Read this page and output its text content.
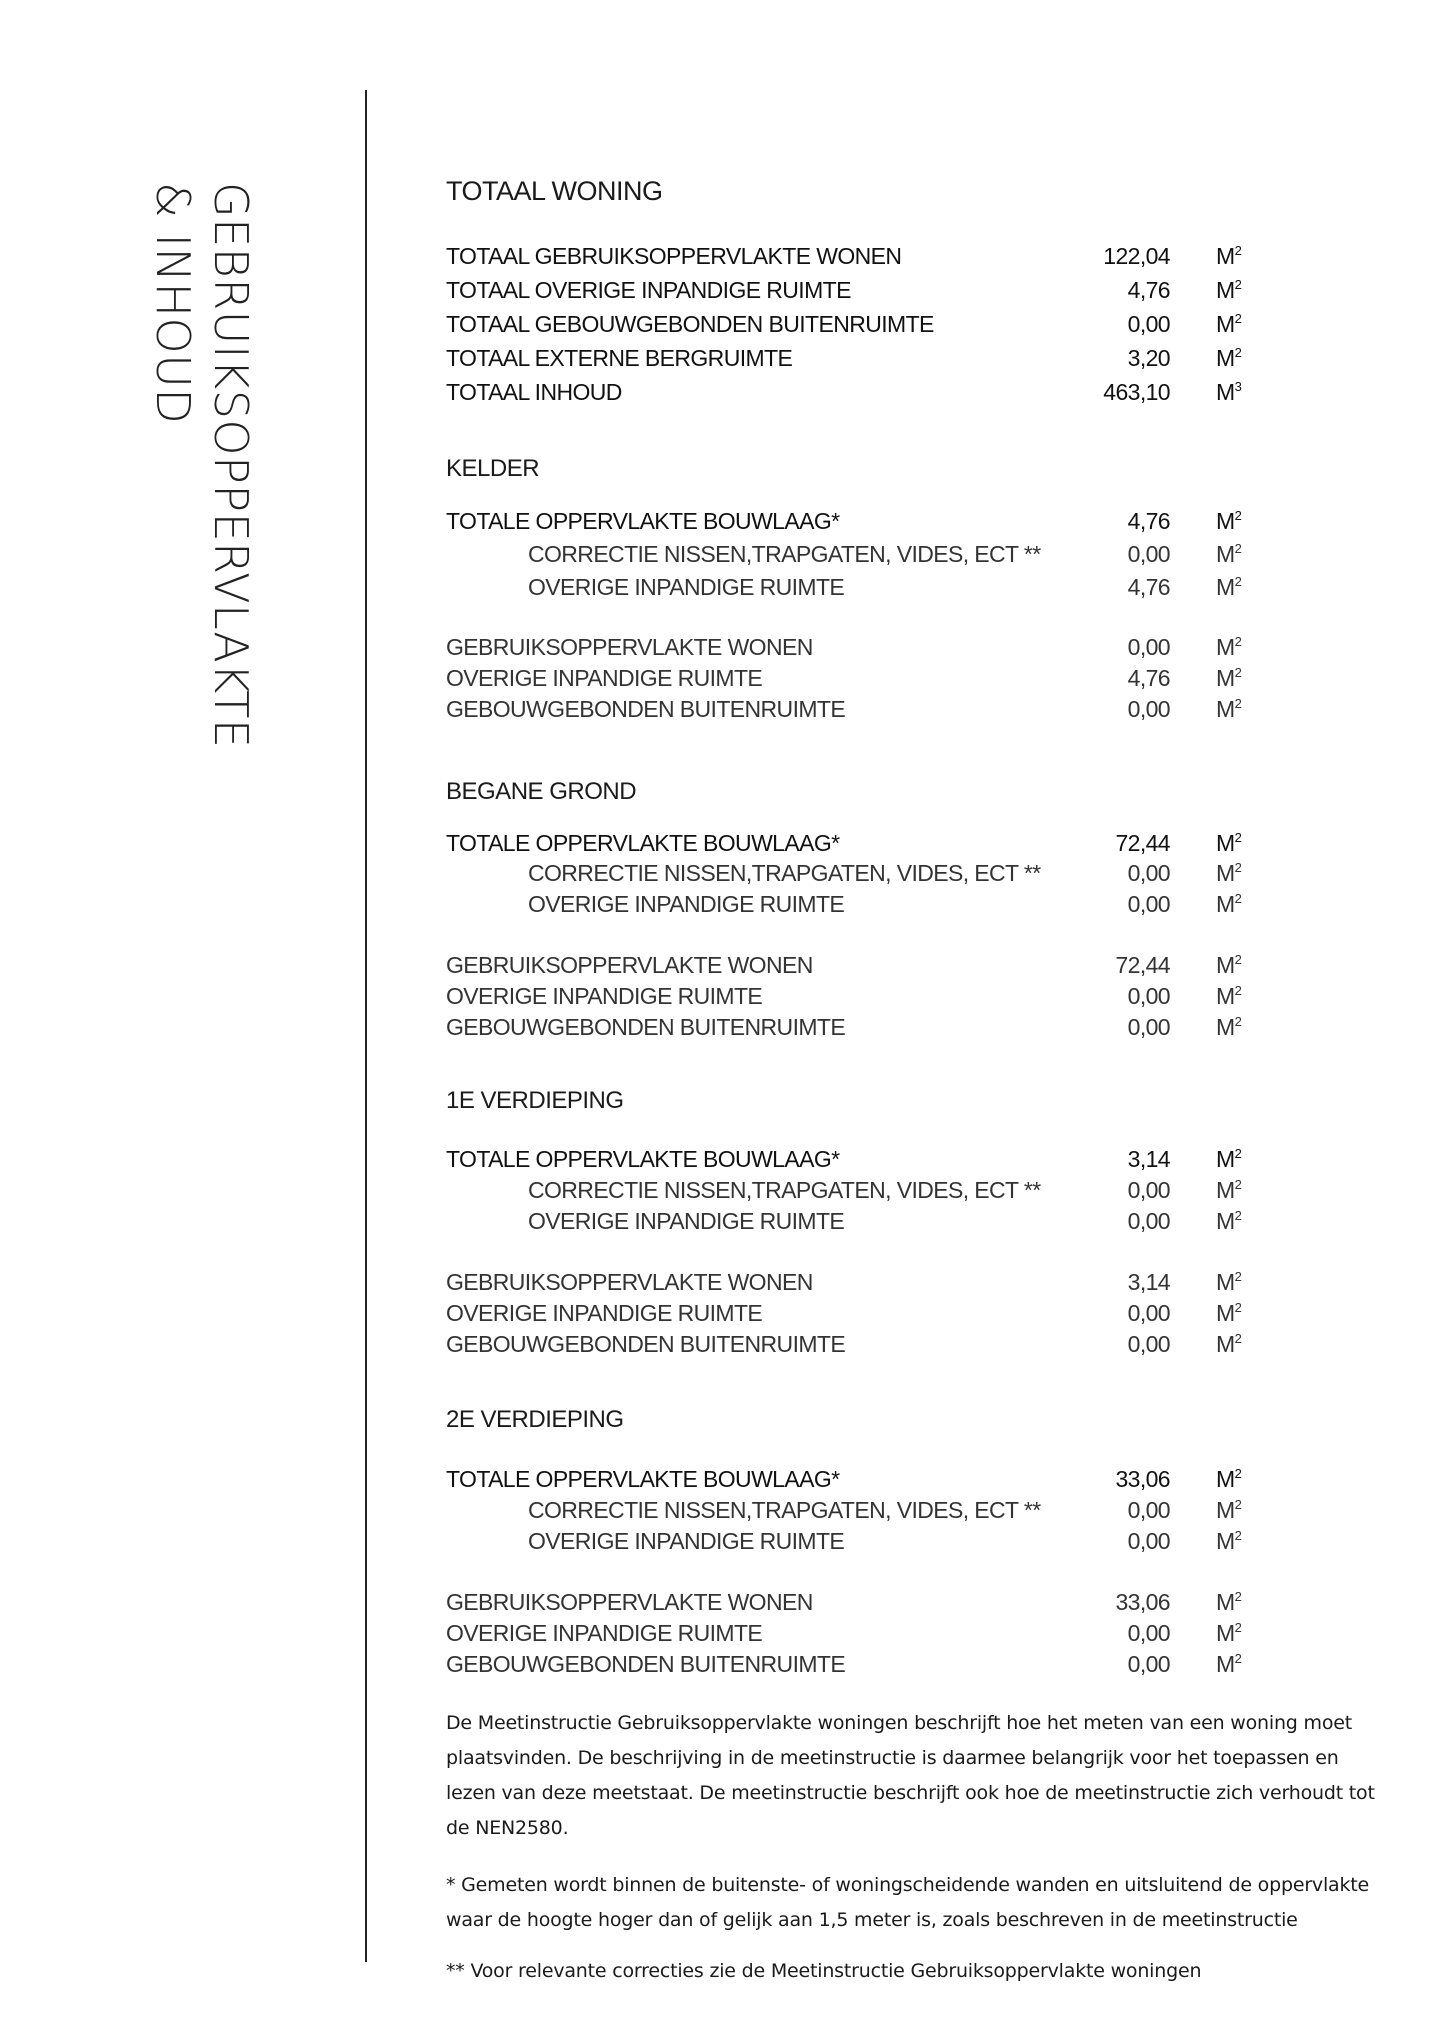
GEBRUIKSOPPERVLAKTE
& INHOUD	TOTAAL WONING
TOTAAL GEBRUIKSOPPERVLAKTE WONEN	122,04 $M^2$
TOTAAL OVERIGE INPANDIGE RUIMTE	4,76 $M^2$
TOTAAL GEBOUWGEBONDEN BUITENRUIMTE	0,00 $M^2$
TOTAAL EXTERNE BERGRUIMTE	3,20 $M^2$
TOTAAL INHOUD	463,10 $M^3$
KELDER
TOTALE OPPERVLAKTE BOUWLAAG*	4,76 $M^2$
CORRECTIE NISSEN,TRAPGATEN, VIDES, ECT **	0,00 $M^2$
OVERIGE INPANDIGE RUIMTE	4,76 $M^2$
GEBRUIKSOPPERVLAKTE WONEN	0,00 $M^2$
OVERIGE INPANDIGE RUIMTE	4,76 $M^2$
GEBOUWGEBONDEN BUITENRUIMTE	0,00 $M^2$
BEGANE GROND
TOTALE OPPERVLAKTE BOUWLAAG*	72,44 $M^2$
CORRECTIE NISSEN,TRAPGATEN, VIDES, ECT **	0,00 $M^2$
OVERIGE INPANDIGE RUIMTE	0,00 $M^2$
GEBRUIKSOPPERVLAKTE WONEN	72,44 $M^2$
OVERIGE INPANDIGE RUIMTE	0,00 $M^2$
GEBOUWGEBONDEN BUITENRUIMTE	0,00 $M^2$
1E VERDIEPING
TOTALE OPPERVLAKTE BOUWLAAG*	3,14 $M^2$
CORRECTIE NISSEN,TRAPGATEN, VIDES, ECT **	0,00 $M^2$
OVERIGE INPANDIGE RUIMTE	0,00 $M^2$
GEBRUIKSOPPERVLAKTE WONEN	3,14 $M^2$
OVERIGE INPANDIGE RUIMTE	0,00 $M^2$
GEBOUWGEBONDEN BUITENRUIMTE	0,00 $M^2$
2E VERDIEPING
TOTALE OPPERVLAKTE BOUWLAAG*	33,06 $M^2$
CORRECTIE NISSEN,TRAPGATEN, VIDES, ECT **	0,00 $M^2$
OVERIGE INPANDIGE RUIMTE	0,00 $M^2$
GEBRUIKSOPPERVLAKTE WONEN	33,06 $M^2$
OVERIGE INPANDIGE RUIMTE	0,00 $M^2$
GEBOUWGEBONDEN BUITENRUIMTE	0,00 $M^2$

De Meetinstructie Gebruiksoppervlakte woningen beschrijft hoe het meten van een woning moet plaatsvinden. De beschrijving in de meetinstructie is daarmee belangrijk voor het toepassen en lezen van deze meetstaat. De meetinstructie beschrijft ook hoe de meetinstructie zich verhoudt tot de NEN2580.

* Gemeten wordt binnen de buitenste- of woningscheidende wanden en uitsluitend de oppervlakte waar de hoogte hoger dan of gelijk aan 1,5 meter is, zoals beschreven in de meetinstructie

** Voor relevante correcties zie de Meetinstructie Gebruiksoppervlakte woningen
